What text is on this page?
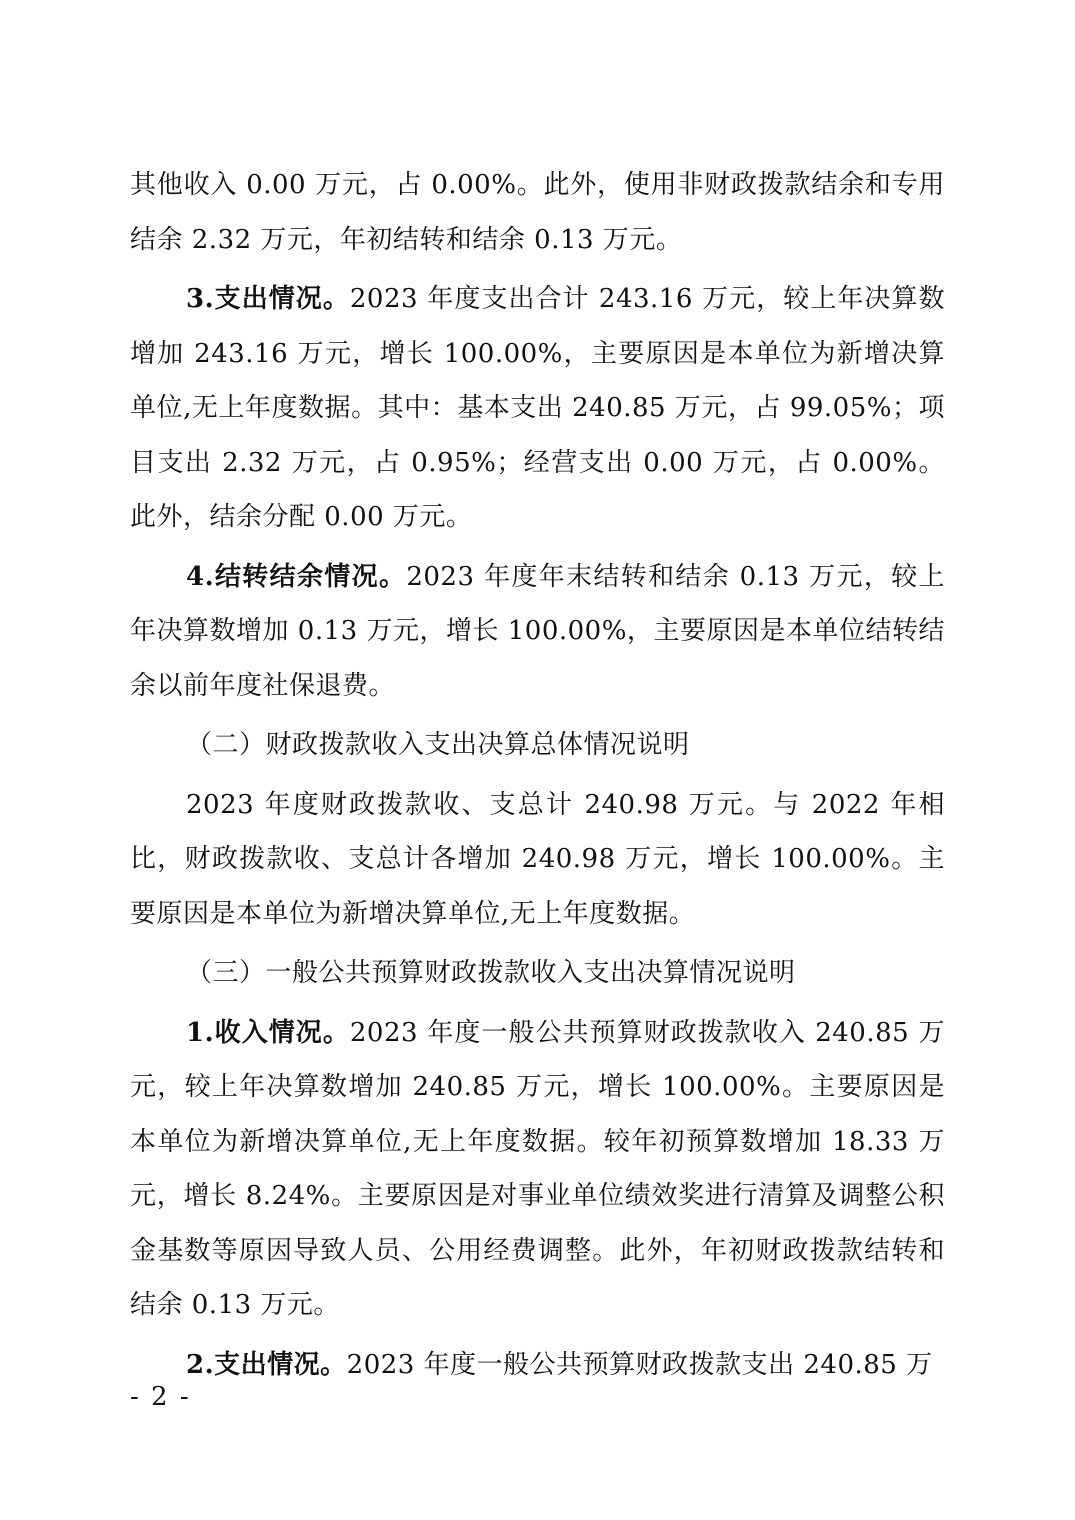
其他收入 0.00 万元，占 0.00%。此外，使用非财政拨款结余和专用结余 2.32 万元，年初结转和结余 0.13 万元。

3.支出情况。2023 年度支出合计 243.16 万元，较上年决算数增加 243.16 万元，增长 100.00%，主要原因是本单位为新增决算单位,无上年度数据。其中：基本支出 240.85 万元，占 99.05%；项目支出 2.32 万元，占 0.95%；经营支出 0.00 万元，占 0.00%。此外，结余分配 0.00 万元。

4.结转结余情况。2023 年度年末结转和结余 0.13 万元，较上年决算数增加 0.13 万元，增长 100.00%，主要原因是本单位结转结余以前年度社保退费。

（二）财政拨款收入支出决算总体情况说明

2023 年度财政拨款收、支总计 240.98 万元。与 2022 年相比，财政拨款收、支总计各增加 240.98 万元，增长 100.00%。主要原因是本单位为新增决算单位,无上年度数据。

（三）一般公共预算财政拨款收入支出决算情况说明

1.收入情况。2023 年度一般公共预算财政拨款收入 240.85 万元，较上年决算数增加 240.85 万元，增长 100.00%。主要原因是本单位为新增决算单位,无上年度数据。较年初预算数增加 18.33 万元，增长 8.24%。主要原因是对事业单位绩效奖进行清算及调整公积金基数等原因导致人员、公用经费调整。此外，年初财政拨款结转和结余 0.13 万元。

2.支出情况。2023 年度一般公共预算财政拨款支出 240.85 万

- 2 -
